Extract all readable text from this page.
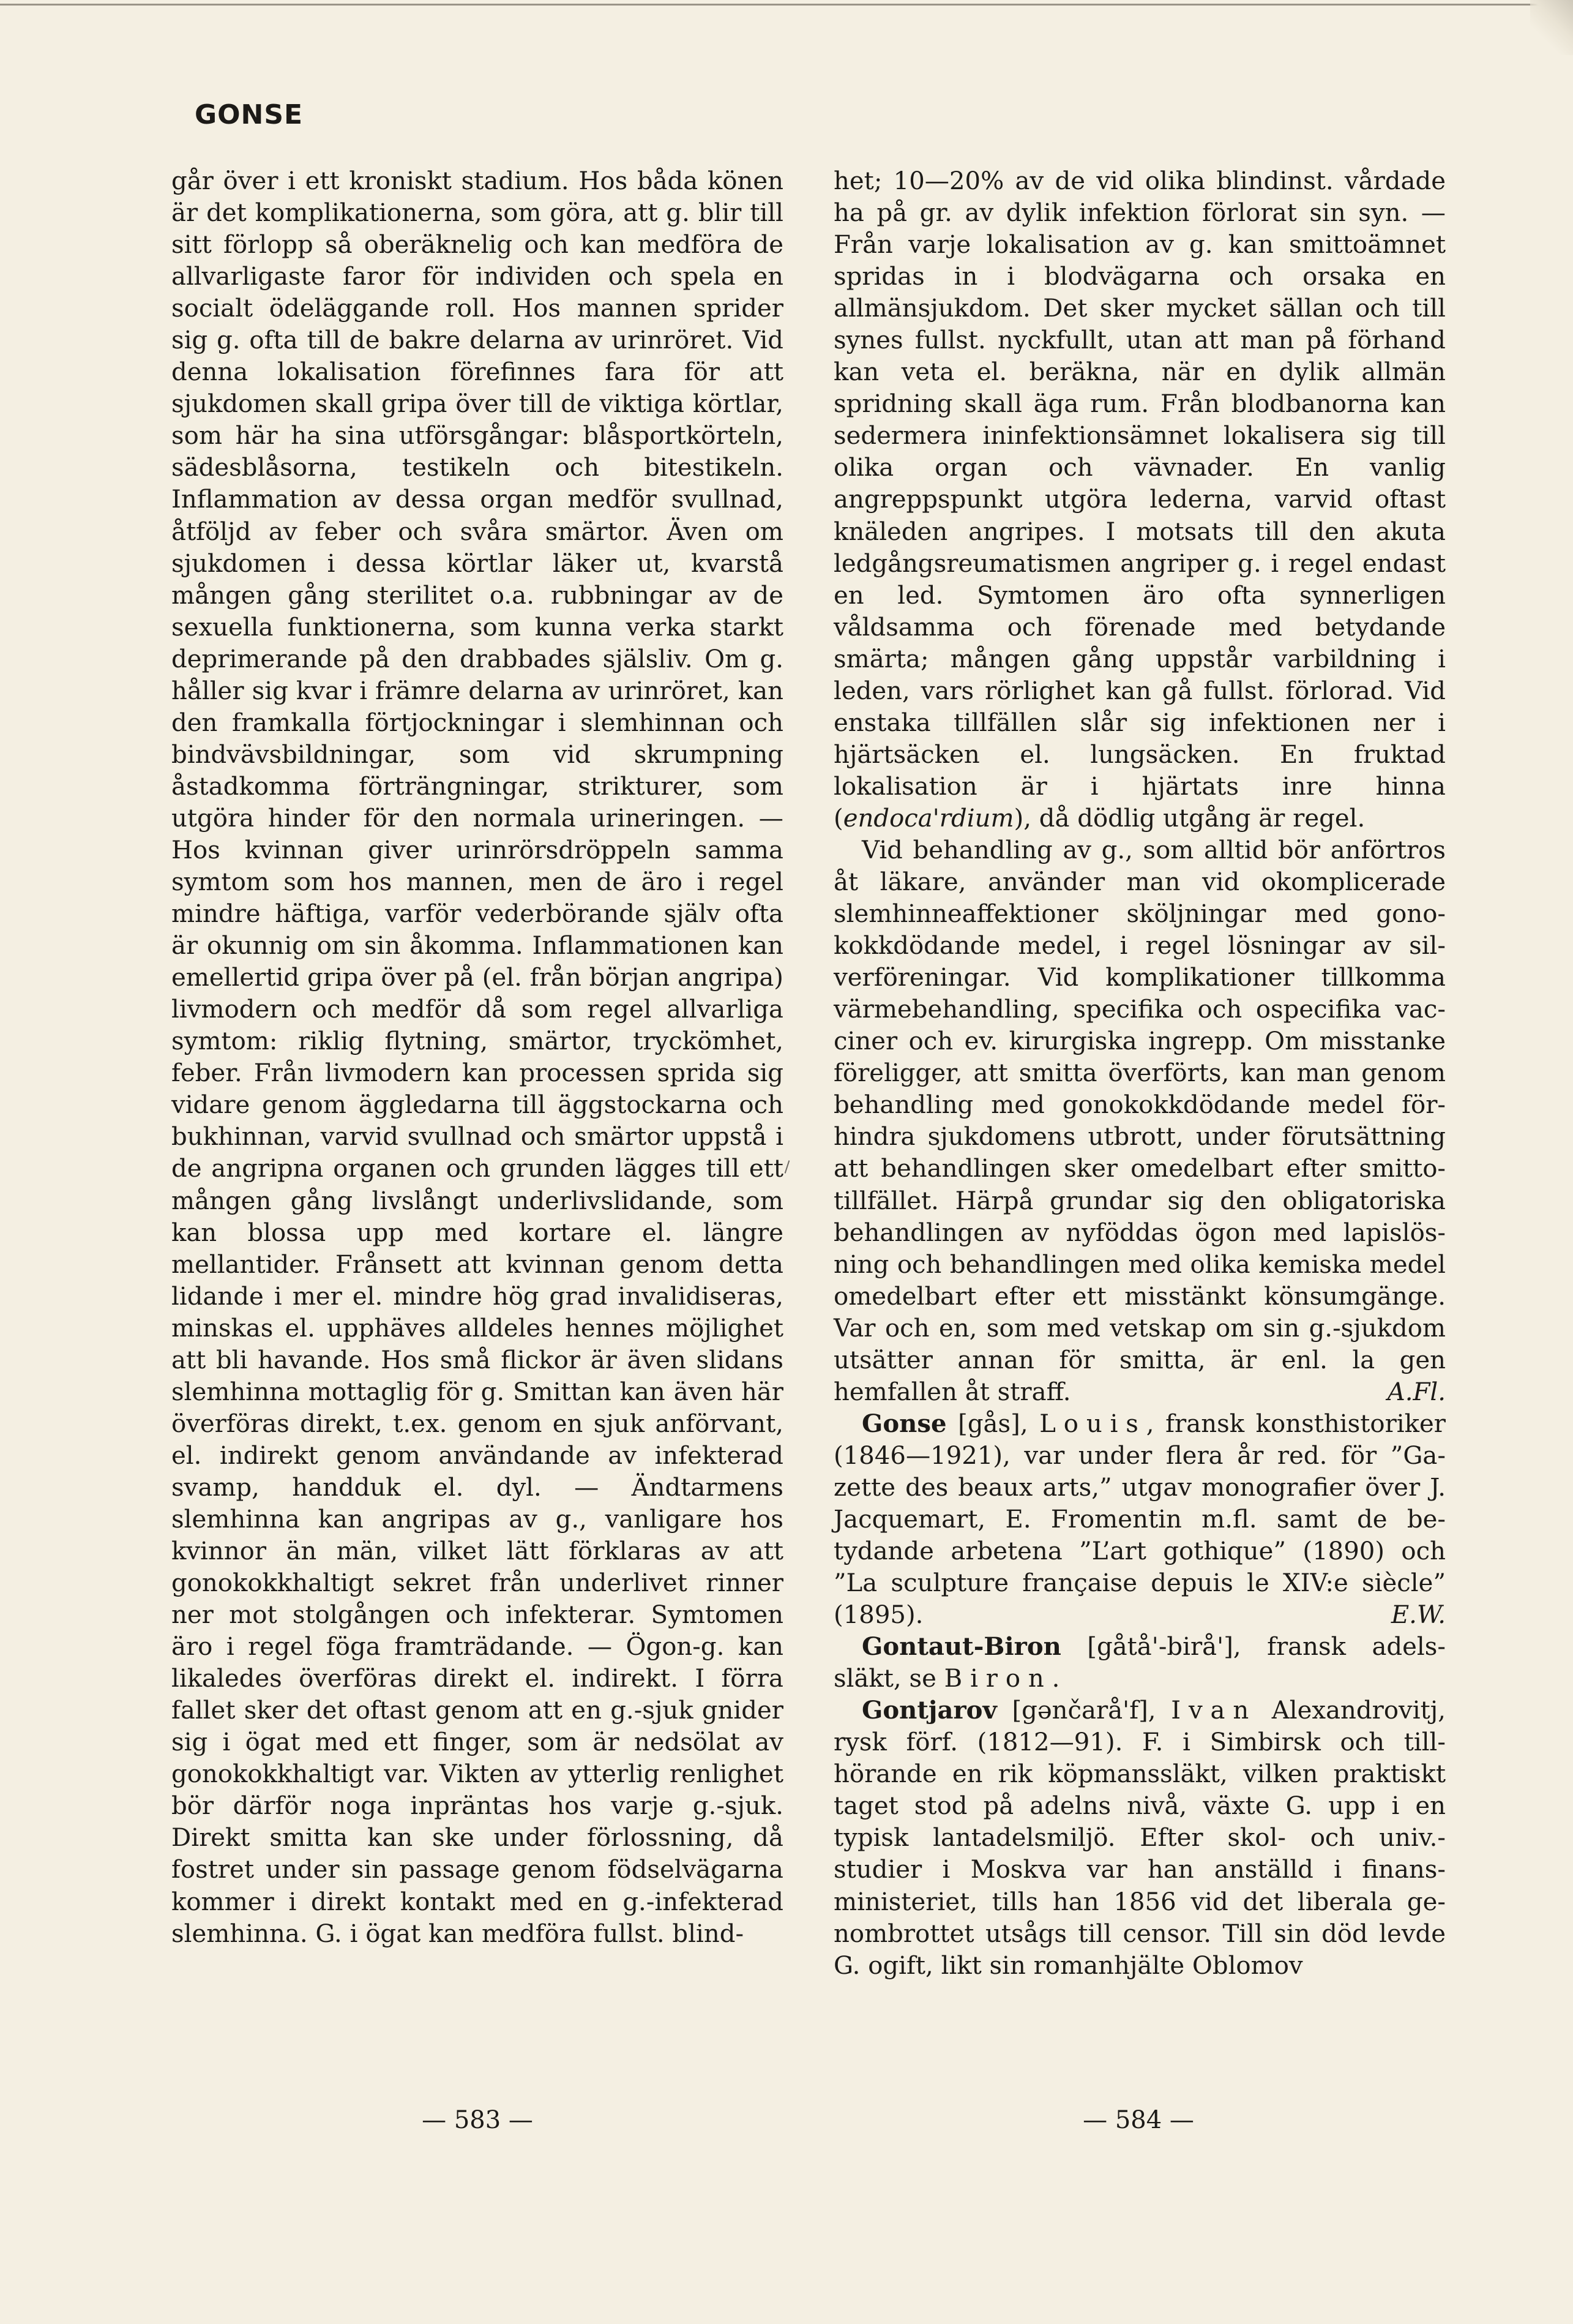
GONSE

går över i ett kroniskt stadium. Hos båda könen är det komplikationerna, som göra, att g. blir till sitt förlopp så oberäknelig och kan medföra de allvarligaste faror för individen och spela en socialt ödeläggande roll. Hos mannen sprider sig g. ofta till de bakre delarna av urinröret. Vid denna lokalisation förefinnes fara för att sjukdomen skall gripa över till de viktiga körtlar, som här ha sina utförsgångar: blåsportkörteln, sädesblåsorna, testikeln och bitestikeln. Inflammation av dessa organ medför svullnad, åtföljd av feber och svåra smärtor. Även om sjukdomen i dessa körtlar läker ut, kvarstå mången gång sterilitet o.a. rubbningar av de sexuella funktionerna, som kunna verka starkt deprimerande på den drabbades själsliv. Om g. håller sig kvar i främre delarna av urinröret, kan den framkalla förtjockningar i slemhinnan och bindvävsbildningar, som vid skrumpning åstadkomma förträngningar, strikturer, som utgöra hinder för den normala urineringen. — Hos kvinnan giver urinrörsdröppeln samma symtom som hos mannen, men de äro i regel mindre häftiga, varför vederbörande själv ofta är okunnig om sin åkomma. Inflammationen kan emellertid gripa över på (el. från början angripa) livmodern och medför då som regel allvarliga symtom: riklig flytning, smärtor, tryckömhet, feber. Från livmodern kan processen sprida sig vidare genom äggledarna till äggstockarna och bukhinnan, varvid svullnad och smärtor uppstå i de angripna organen och grunden lägges till ett mången gång livslångt underlivslidande, som kan blossa upp med kortare el. längre mellantider. Frånsett att kvinnan genom detta lidande i mer el. mindre hög grad invalidiseras, minskas el. upphäves alldeles hennes möjlighet att bli havande. Hos små flickor är även slidans slemhinna mottaglig för g. Smittan kan även här överföras direkt, t.ex. genom en sjuk anförvant, el. indirekt genom användande av infekterad svamp, handduk el. dyl. — Ändtarmens slemhinna kan angripas av g., vanligare hos kvinnor än män, vilket lätt förklaras av att gonokokkhaltigt sekret från underlivet rinner ner mot stolgången och infekterar. Symtomen äro i regel föga framträdande. — Ögon-g. kan likaledes överföras direkt el. indirekt. I förra fallet sker det oftast genom att en g.-sjuk gnider sig i ögat med ett finger, som är nedsölat av gonokokkhaltigt var. Vikten av ytterlig renlighet bör därför noga inpräntas hos varje g.-sjuk. Direkt smitta kan ske under förlossning, då fostret under sin passage genom födselvägarna kommer i direkt kontakt med en g.-infekterad slemhinna. G. i ögat kan medföra fullst. blind-

het; 10—20% av de vid olika blindinst. vårdade ha på gr. av dylik infektion förlorat sin syn. — Från varje lokalisation av g. kan smittoämnet spridas in i blodvägarna och orsaka en allmänsjukdom. Det sker mycket sällan och till synes fullst. nyckfullt, utan att man på förhand kan veta el. beräkna, när en dylik allmän spridning skall äga rum. Från blodbanorna kan sedermera ininfektionsämnet lokalisera sig till olika organ och vävnader. En vanlig angreppspunkt utgöra lederna, varvid oftast knäleden angripes. I motsats till den akuta ledgångsreumatismen angriper g. i regel endast en led. Symtomen äro ofta synnerligen våldsamma och förenade med betydande smärta; mången gång uppstår varbildning i leden, vars rörlighet kan gå fullst. förlorad. Vid enstaka tillfällen slår sig infektionen ner i hjärtsäcken el. lungsäcken. En fruktad lokalisation är i hjärtats inre hinna (endoca'rdium), då dödlig utgång är regel.

Vid behandling av g., som alltid bör anförtros åt läkare, använder man vid okomplicerade slemhinneaffektioner sköljningar med gonokokkdödande medel, i regel lösningar av silverföreningar. Vid komplikationer tillkomma värmebehandling, specifika och ospecifika vacciner och ev. kirurgiska ingrepp. Om misstanke föreligger, att smitta överförts, kan man genom behandling med gonokokkdödande medel förhindra sjukdomens utbrott, under förutsättning att behandlingen sker omedelbart efter smittotillfället. Härpå grundar sig den obligatoriska behandlingen av nyföddas ögon med lapislösning och behandlingen med olika kemiska medel omedelbart efter ett misstänkt könsumgänge. Var och en, som med vetskap om sin g.-sjukdom utsätter annan för smitta, är enl. la gen hemfallen åt straff.	A.Fl.

Gonse [gås], Louis, fransk konsthistoriker (1846—1921), var under flera år red. för ”Gazette des beaux arts,” utgav monografier över J. Jacquemart, E. Fromentin m.fl. samt de betydande arbetena ”L’art gothique” (1890) och ”La sculpture française depuis le XIV:e siècle” (1895).	E.W.

Gontaut-Biron [gåtå'-birå'], fransk adelssläkt, se Biron.

Gontjarov [gənčarå'f], Ivan Alexandrovitj, rysk förf. (1812—91). F. i Simbirsk och tillhörande en rik köpmanssläkt, vilken praktiskt taget stod på adelns nivå, växte G. upp i en typisk lantadelsmiljö. Efter skol- och univ.-studier i Moskva var han anställd i finansministeriet, tills han 1856 vid det liberala genombrottet utsågs till censor. Till sin död levde G. ogift, likt sin romanhjälte Oblomov

— 583 —	— 584 —
